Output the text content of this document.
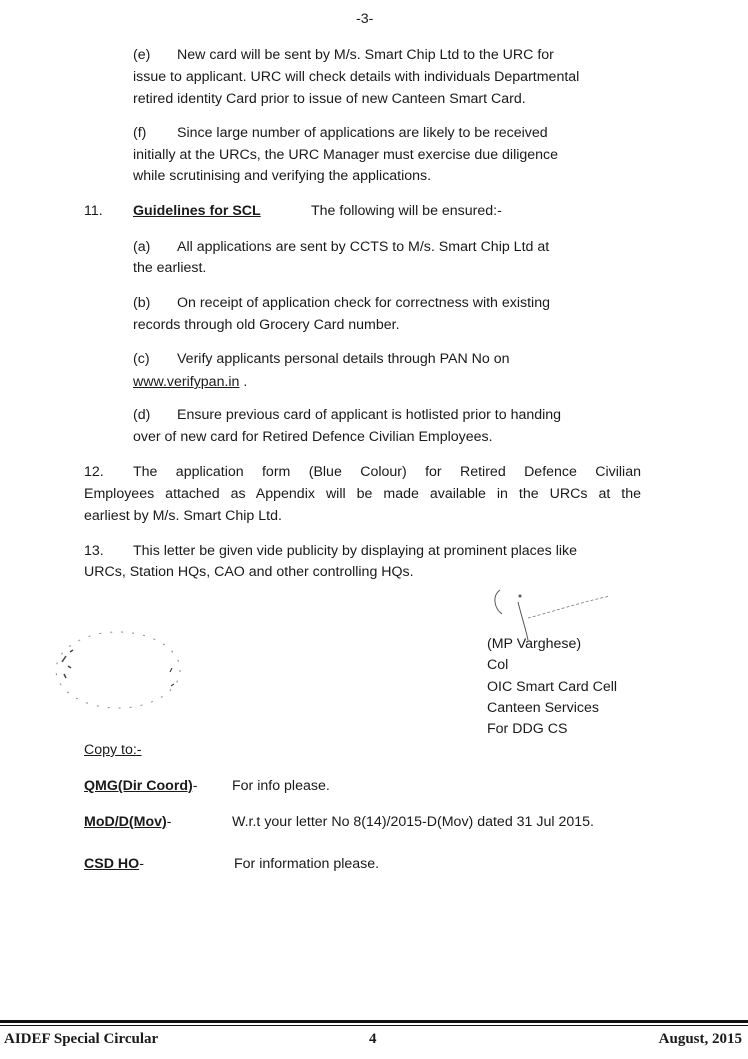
-3-
(e) New card will be sent by M/s. Smart Chip Ltd to the URC for
issue to applicant. URC will check details with individuals Departmental
retired identity Card prior to issue of new Canteen Smart Card.
(f) Since large number of applications are likely to be received
initially at the URCs, the URC Manager must exercise due diligence
while scrutinising and verifying the applications.
11. Guidelines for SCL	The following will be ensured:-
(a) All applications are sent by CCTS to M/s. Smart Chip Ltd at
the earliest.
(b) On receipt of application check for correctness with existing
records through old Grocery Card number.
(c) Verify applicants personal details through PAN No on
www.verifypan.in .
(d) Ensure previous card of applicant is hotlisted prior to handing
over of new card for Retired Defence Civilian Employees.
12. The application form (Blue Colour) for Retired Defence Civilian
Employees attached as Appendix will be made available in the URCs at the
earliest by M/s. Smart Chip Ltd.
13. This letter be given vide publicity by displaying at prominent places like
URCs, Station HQs, CAO and other controlling HQs.
(MP Varghese)
Col
OIC Smart Card Cell
Canteen Services
For DDG CS
Copy to:-
QMG(Dir Coord)- For info please.
MoD/D(Mov)-	W.r.t your letter No 8(14)/2015-D(Mov) dated 31 Jul 2015.
CSD HO-	For information please.
AIDEF Special Circular	4	August, 2015
